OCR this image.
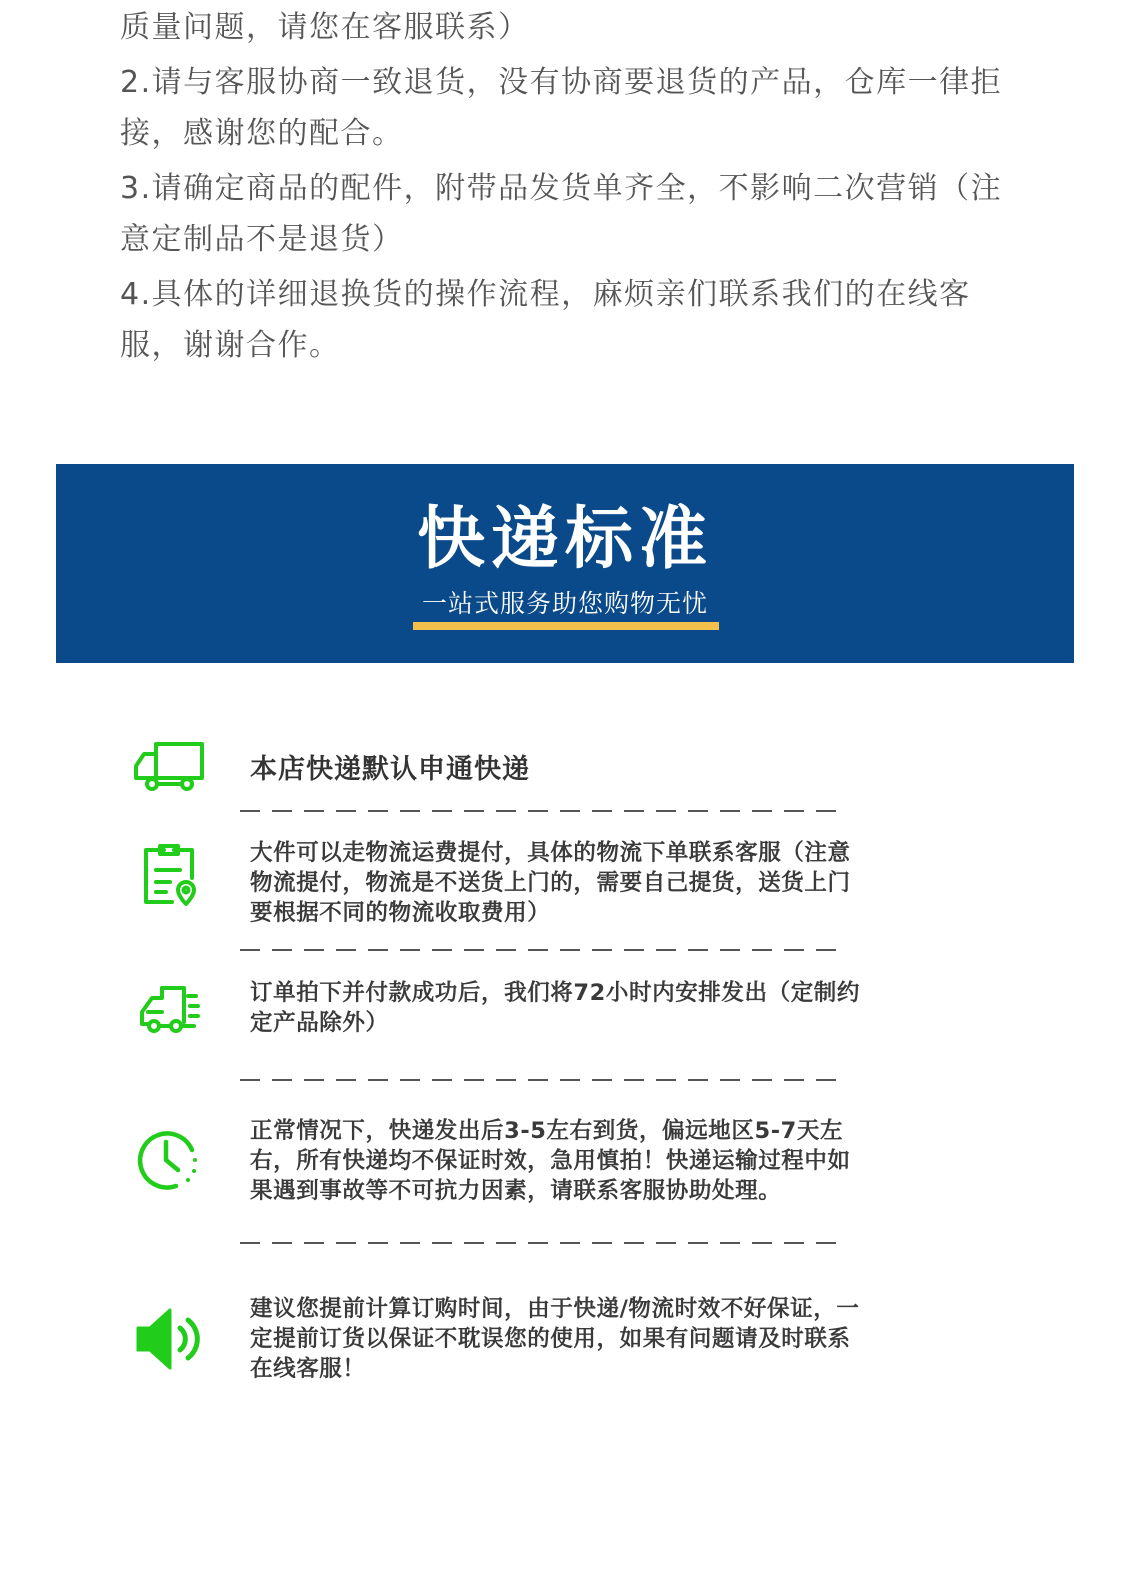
质量问题，请您在客服联系）

2.请与客服协商一致退货，没有协商要退货的产品，仓库一律拒接，感谢您的配合。

3.请确定商品的配件，附带品发货单齐全，不影响二次营销（注意定制品不是退货）

4.具体的详细退换货的操作流程，麻烦亲们联系我们的在线客服，谢谢合作。

快递标准
一站式服务助您购物无忧
本店快递默认申通快递
大件可以走物流运费提付，具体的物流下单联系客服（注意物流提付，物流是不送货上门的，需要自己提货，送货上门要根据不同的物流收取费用）
订单拍下并付款成功后，我们将72小时内安排发出（定制约定产品除外）
正常情况下，快递发出后3-5左右到货，偏远地区5-7天左右，所有快递均不保证时效，急用慎拍！快递运输过程中如果遇到事故等不可抗力因素，请联系客服协助处理。
建议您提前计算订购时间，由于快递/物流时效不好保证，一定提前订货以保证不耽误您的使用，如果有问题请及时联系在线客服！
